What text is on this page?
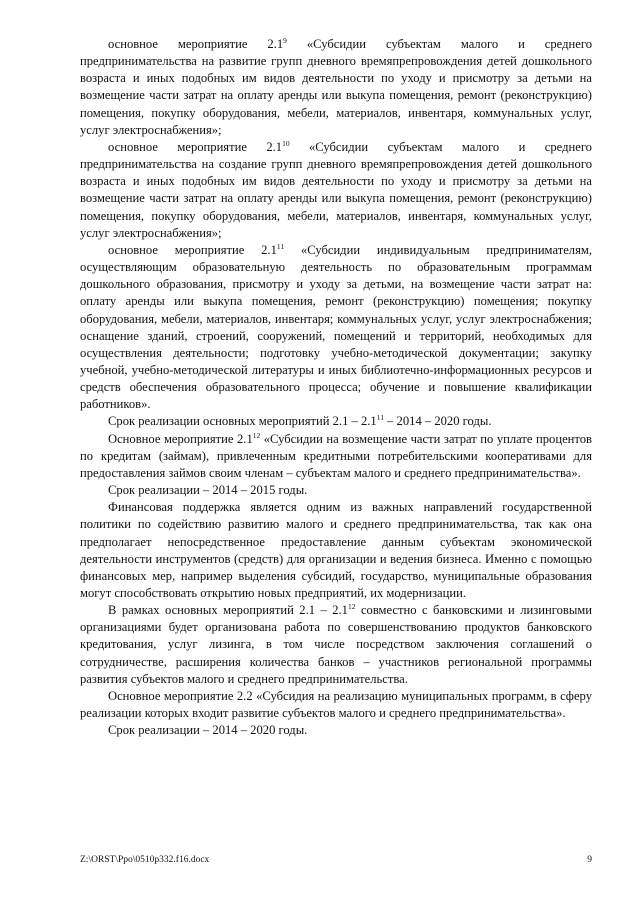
основное мероприятие $2.1^9$ «Субсидии субъектам малого и среднего предпринимательства на развитие групп дневного времяпрепровождения детей дошкольного возраста и иных подобных им видов деятельности по уходу и присмотру за детьми на возмещение части затрат на оплату аренды или выкупа помещения, ремонт (реконструкцию) помещения, покупку оборудования, мебели, материалов, инвентаря, коммунальных услуг, услуг электроснабжения»;

основное мероприятие $2.1^{10}$ «Субсидии субъектам малого и среднего предпринимательства на создание групп дневного времяпрепровождения детей дошкольного возраста и иных подобных им видов деятельности по уходу и присмотру за детьми на возмещение части затрат на оплату аренды или выкупа помещения, ремонт (реконструкцию) помещения, покупку оборудования, мебели, материалов, инвентаря, коммунальных услуг, услуг электроснабжения»;

основное мероприятие $2.1^{11}$ «Субсидии индивидуальным предпринимателям, осуществляющим образовательную деятельность по образовательным программам дошкольного образования, присмотру и уходу за детьми, на возмещение части затрат на: оплату аренды или выкупа помещения, ремонт (реконструкцию) помещения; покупку оборудования, мебели, материалов, инвентаря; коммунальных услуг, услуг электроснабжения; оснащение зданий, строений, сооружений, помещений и территорий, необходимых для осуществления деятельности; подготовку учебно-методической документации; закупку учебной, учебно-методической литературы и иных библиотечно-информационных ресурсов и средств обеспечения образовательного процесса; обучение и повышение квалификации работников».

Срок реализации основных мероприятий $2.1 - 2.1^{11} - 2014 - 2020$ годы.

Основное мероприятие $2.1^{12}$ «Субсидии на возмещение части затрат по уплате процентов по кредитам (займам), привлеченным кредитными потребительскими кооперативами для предоставления займов своим членам – субъектам малого и среднего предпринимательства».

Срок реализации – 2014 – 2015 годы.

Финансовая поддержка является одним из важных направлений государственной политики по содействию развитию малого и среднего предпринимательства, так как она предполагает непосредственное предоставление данным субъектам экономической деятельности инструментов (средств) для организации и ведения бизнеса. Именно с помощью финансовых мер, например выделения субсидий, государство, муниципальные образования могут способствовать открытию новых предприятий, их модернизации.

В рамках основных мероприятий $2.1 - 2.1^{12}$ совместно с банковскими и лизинговыми организациями будет организована работа по совершенствованию продуктов банковского кредитования, услуг лизинга, в том числе посредством заключения соглашений о сотрудничестве, расширения количества банков – участников региональной программы развития субъектов малого и среднего предпринимательства.

Основное мероприятие 2.2 «Субсидия на реализацию муниципальных программ, в сферу реализации которых входит развитие субъектов малого и среднего предпринимательства».

Срок реализации – 2014 – 2020 годы.

Z:\ORST\Ppo\0510p332.f16.docx	9
